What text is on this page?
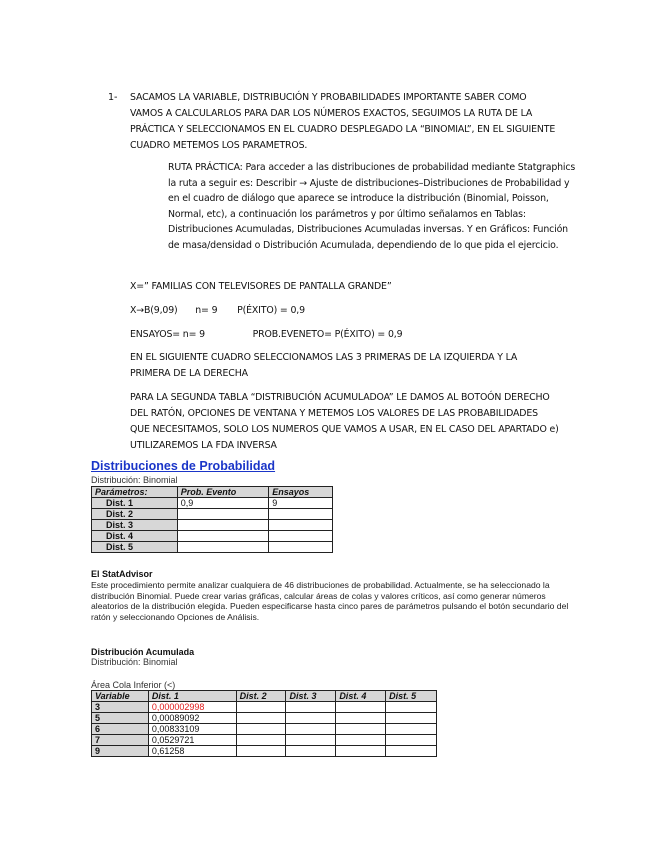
1- SACAMOS LA VARIABLE, DISTRIBUCIÓN Y PROBABILIDADES IMPORTANTE SABER COMO VAMOS A CALCULARLOS PARA DAR LOS NÚMEROS EXACTOS, SEGUIMOS LA RUTA DE LA PRÁCTICA Y SELECCIONAMOS EN EL CUADRO DESPLEGADO LA “BINOMIAL”, EN EL SIGUIENTE CUADRO METEMOS LOS PARAMETROS.
RUTA PRÁCTICA: Para acceder a las distribuciones de probabilidad mediante Statgraphics la ruta a seguir es: Describir → Ajuste de distribuciones–Distribuciones de Probabilidad y en el cuadro de diálogo que aparece se introduce la distribución (Binomial, Poisson, Normal, etc), a continuación los parámetros y por último señalamos en Tablas: Distribuciones Acumuladas, Distribuciones Acumuladas inversas. Y en Gráficos: Función de masa/densidad o Distribución Acumulada, dependiendo de lo que pida el ejercicio.
X=” FAMILIAS CON TELEVISORES DE PANTALLA GRANDE”
X→B(9,09) n= 9 P(ÉXITO) = 0,9
ENSAYOS= n= 9	PROB.EVENETO= P(ÉXITO) = 0,9
EN EL SIGUIENTE CUADRO SELECCIONAMOS LAS 3 PRIMERAS DE LA IZQUIERDA Y LA PRIMERA DE LA DERECHA
PARA LA SEGUNDA TABLA “DISTRIBUCIÓN ACUMULADOA” LE DAMOS AL BOTOÓN DERECHO DEL RATÓN, OPCIONES DE VENTANA Y METEMOS LOS VALORES DE LAS PROBABILIDADES QUE NECESITAMOS, SOLO LOS NUMEROS QUE VAMOS A USAR, EN EL CASO DEL APARTADO e) UTILIZAREMOS LA FDA INVERSA
Distribuciones de Probabilidad
Distribución: Binomial
Parámetros:	Prob. Evento	Ensayos
Dist. 1	0,9	9
Dist. 2		
Dist. 3		
Dist. 4		
Dist. 5		
El StatAdvisor
Este procedimiento permite analizar cualquiera de 46 distribuciones de probabilidad. Actualmente, se ha seleccionado la distribución Binomial. Puede crear varias gráficas, calcular áreas de colas y valores críticos, así como generar números aleatorios de la distribución elegida. Pueden especificarse hasta cinco pares de parámetros pulsando el botón secundario del ratón y seleccionando Opciones de Análisis.
Distribución Acumulada
Distribución: Binomial
Área Cola Inferior (<)
Variable	Dist. 1	Dist. 2	Dist. 3	Dist. 4	Dist. 5
3	0,000002998				
5	0,00089092				
6	0,00833109				
7	0,0529721				
9	0,61258				
